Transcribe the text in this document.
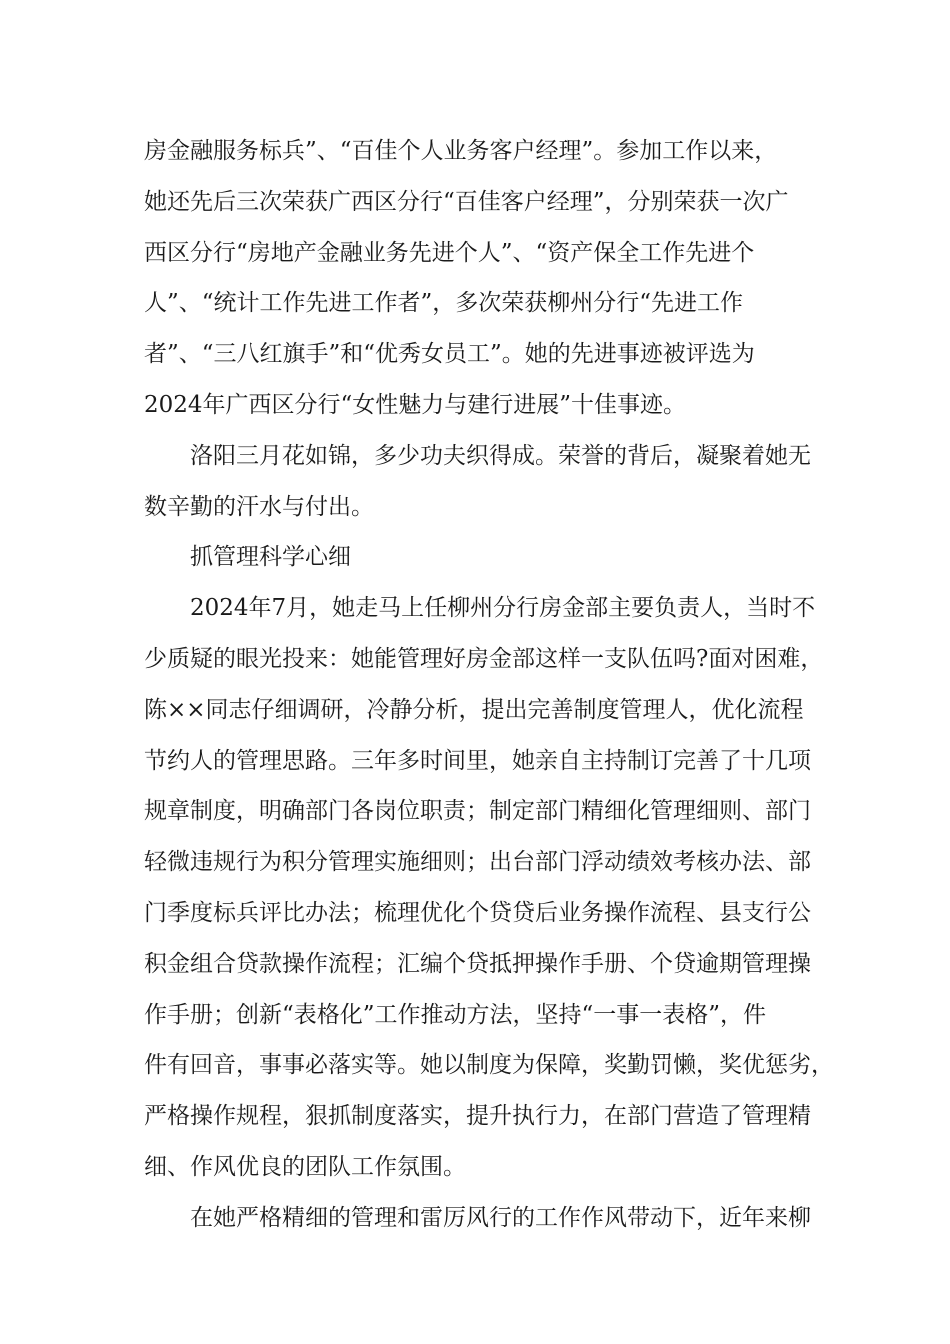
房金融服务标兵”、“百佳个人业务客户经理”。参加工作以来，
她还先后三次荣获广西区分行“百佳客户经理”，分别荣获一次广
西区分行“房地产金融业务先进个人”、“资产保全工作先进个
人”、“统计工作先进工作者”，多次荣获柳州分行“先进工作
者”、“三八红旗手”和“优秀女员工”。她的先进事迹被评选为
2024年广西区分行“女性魅力与建行进展”十佳事迹。
洛阳三月花如锦，多少功夫织得成。荣誉的背后，凝聚着她无
数辛勤的汗水与付出。
抓管理科学心细
2024年7月，她走马上任柳州分行房金部主要负责人，当时不
少质疑的眼光投来：她能管理好房金部这样一支队伍吗?面对困难，
陈××同志仔细调研，冷静分析，提出完善制度管理人，优化流程
节约人的管理思路。三年多时间里，她亲自主持制订完善了十几项
规章制度，明确部门各岗位职责；制定部门精细化管理细则、部门
轻微违规行为积分管理实施细则；出台部门浮动绩效考核办法、部
门季度标兵评比办法；梳理优化个贷贷后业务操作流程、县支行公
积金组合贷款操作流程；汇编个贷抵押操作手册、个贷逾期管理操
作手册；创新“表格化”工作推动方法，坚持“一事一表格”，件
件有回音，事事必落实等。她以制度为保障，奖勤罚懒，奖优惩劣，
严格操作规程，狠抓制度落实，提升执行力，在部门营造了管理精
细、作风优良的团队工作氛围。
在她严格精细的管理和雷厉风行的工作作风带动下，近年来柳
